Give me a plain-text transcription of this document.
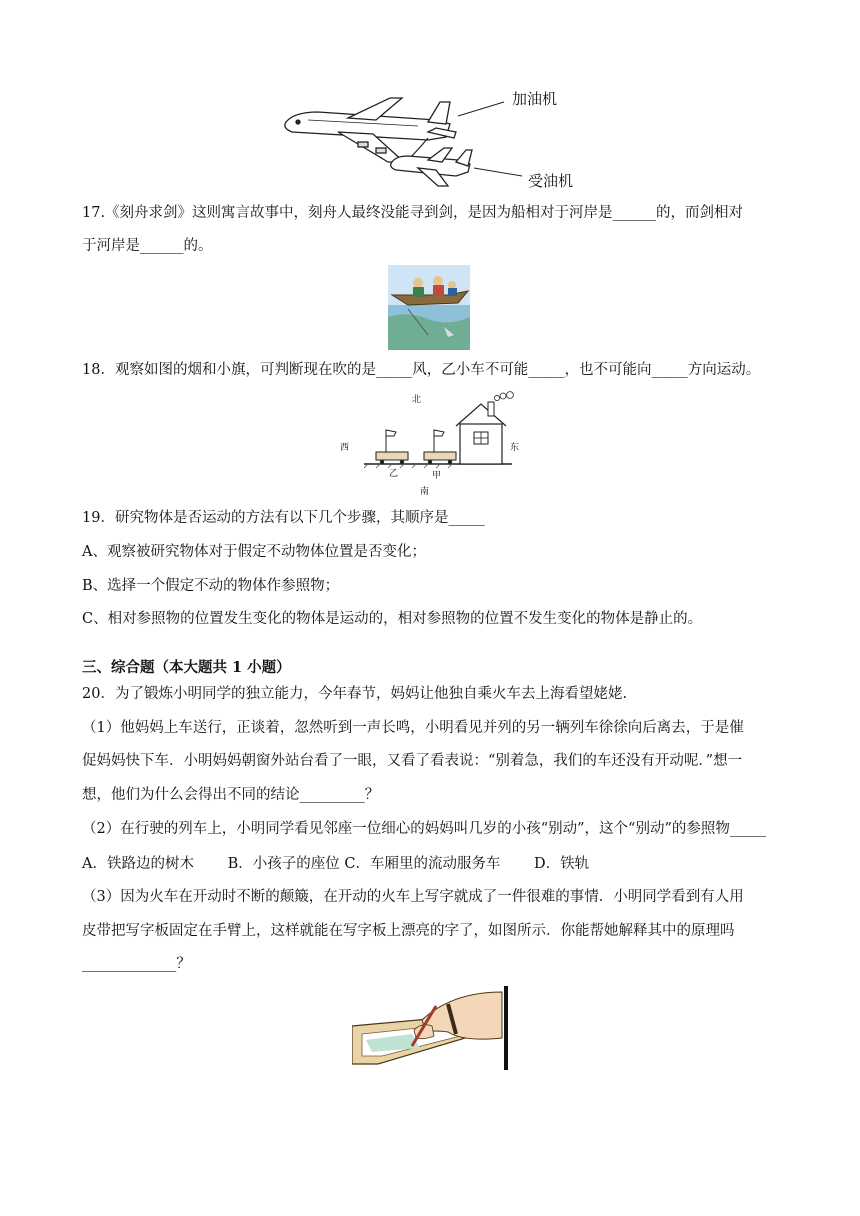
加油机
受油机
17.《刻舟求剑》这则寓言故事中，刻舟人最终没能寻到剑，是因为船相对于河岸是______的，而剑相对
于河岸是______的。
18．观察如图的烟和小旗，可判断现在吹的是_____风，乙小车不可能_____，也不可能向_____方向运动。
北
西	东
南
乙	甲
19．研究物体是否运动的方法有以下几个步骤，其顺序是_____
A、观察被研究物体对于假定不动物体位置是否变化；
B、选择一个假定不动的物体作参照物；
C、相对参照物的位置发生变化的物体是运动的，相对参照物的位置不发生变化的物体是静止的。
三、综合题（本大题共 1 小题）
20．为了锻炼小明同学的独立能力，今年春节，妈妈让他独自乘火车去上海看望姥姥.
（1）他妈妈上车送行，正谈着，忽然听到一声长鸣，小明看见并列的另一辆列车徐徐向后离去，于是催
促妈妈快下车．小明妈妈朝窗外站台看了一眼，又看了看表说：“别着急，我们的车还没有开动呢．”想一
想，他们为什么会得出不同的结论_________？
（2）在行驶的列车上，小明同学看见邻座一位细心的妈妈叫几岁的小孩“别动”，这个“别动”的参照物_____
A．铁路边的树木　　 B．小孩子的座位 C．车厢里的流动服务车　　 D．铁轨
（3）因为火车在开动时不断的颠簸，在开动的火车上写字就成了一件很难的事情．小明同学看到有人用
皮带把写字板固定在手臂上，这样就能在写字板上漂亮的字了，如图所示．你能帮她解释其中的原理吗
_____________？
